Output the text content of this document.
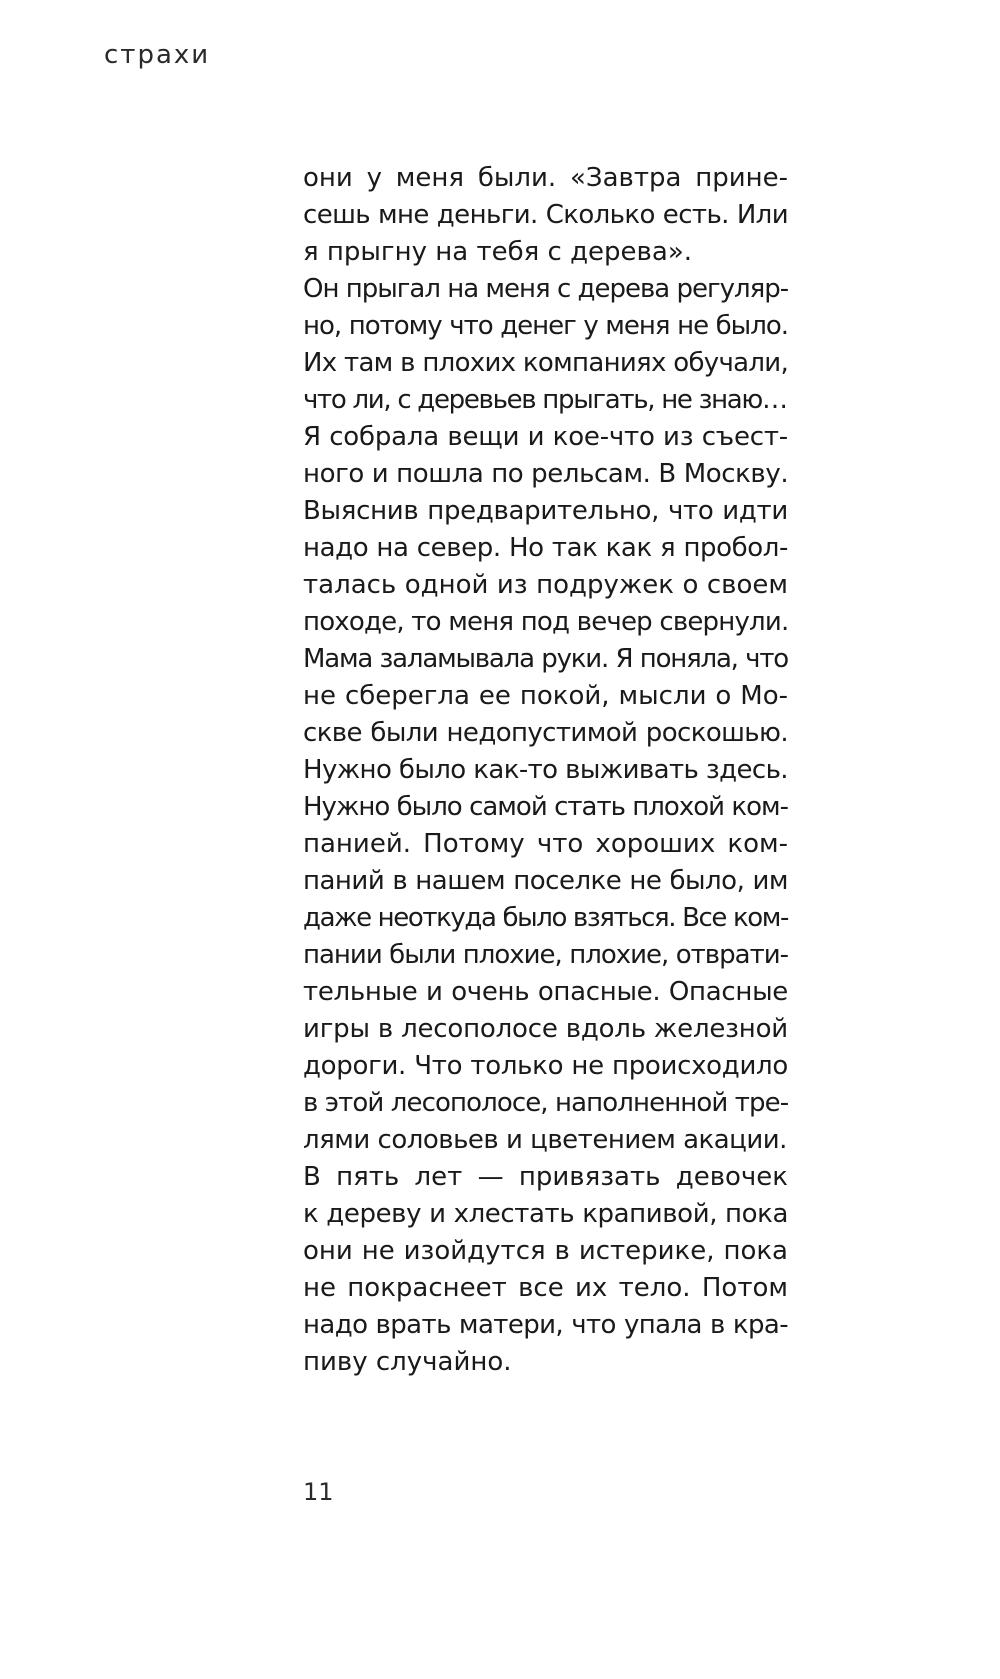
страхи
они у меня были. «Завтра прине-
сешь мне деньги. Сколько есть. Или
я прыгну на тебя с дерева».
Он прыгал на меня с дерева регуляр-
но, потому что денег у меня не было.
Их там в плохих компаниях обучали,
что ли, с деревьев прыгать, не знаю…
Я собрала вещи и кое-что из съест-
ного и пошла по рельсам. В Москву.
Выяснив предварительно, что идти
надо на север. Но так как я пробол-
талась одной из подружек о своем
походе, то меня под вечер свернули.
Мама заламывала руки. Я поняла, что
не сберегла ее покой, мысли о Мо-
скве были недопустимой роскошью.
Нужно было как-то выживать здесь.
Нужно было самой стать плохой ком-
панией. Потому что хороших ком-
паний в нашем поселке не было, им
даже неоткуда было взяться. Все ком-
пании были плохие, плохие, отврати-
тельные и очень опасные. Опасные
игры в лесополосе вдоль железной
дороги. Что только не происходило
в этой лесополосе, наполненной тре-
лями соловьев и цветением акации.
В пять лет — привязать девочек
к дереву и хлестать крапивой, пока
они не изойдутся в истерике, пока
не покраснеет все их тело. Потом
надо врать матери, что упала в кра-
пиву случайно.
11
